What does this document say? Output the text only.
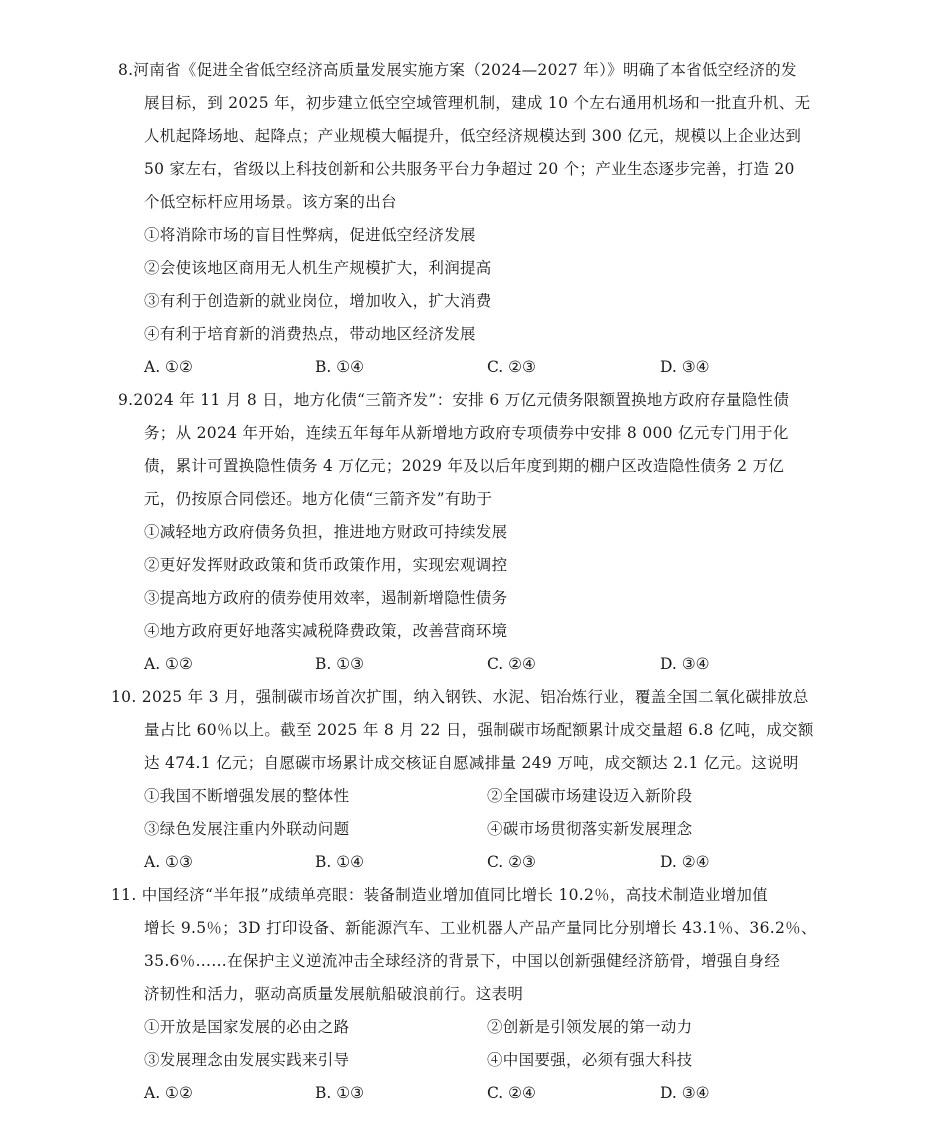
8.河南省《促进全省低空经济高质量发展实施方案（2024—2027 年）》明确了本省低空经济的发
展目标，到 2025 年，初步建立低空空域管理机制，建成 10 个左右通用机场和一批直升机、无
人机起降场地、起降点；产业规模大幅提升，低空经济规模达到 300 亿元，规模以上企业达到
50 家左右，省级以上科技创新和公共服务平台力争超过 20 个；产业生态逐步完善，打造 20
个低空标杆应用场景。该方案的出台
①将消除市场的盲目性弊病，促进低空经济发展
②会使该地区商用无人机生产规模扩大，利润提高
③有利于创造新的就业岗位，增加收入，扩大消费
④有利于培育新的消费热点，带动地区经济发展
A. ①②	B. ①④	C. ②③	D. ③④
9.2024 年 11 月 8 日，地方化债“三箭齐发”：安排 6 万亿元债务限额置换地方政府存量隐性债
务；从 2024 年开始，连续五年每年从新增地方政府专项债券中安排 8 000 亿元专门用于化
债，累计可置换隐性债务 4 万亿元；2029 年及以后年度到期的棚户区改造隐性债务 2 万亿
元，仍按原合同偿还。地方化债“三箭齐发”有助于
①减轻地方政府债务负担，推进地方财政可持续发展
②更好发挥财政政策和货币政策作用，实现宏观调控
③提高地方政府的债券使用效率，遏制新增隐性债务
④地方政府更好地落实减税降费政策，改善营商环境
A. ①②	B. ①③	C. ②④	D. ③④
10. 2025 年 3 月，强制碳市场首次扩围，纳入钢铁、水泥、铝冶炼行业，覆盖全国二氧化碳排放总
量占比 60％以上。截至 2025 年 8 月 22 日，强制碳市场配额累计成交量超 6.8 亿吨，成交额
达 474.1 亿元；自愿碳市场累计成交核证自愿减排量 249 万吨，成交额达 2.1 亿元。这说明
①我国不断增强发展的整体性	②全国碳市场建设迈入新阶段
③绿色发展注重内外联动问题	④碳市场贯彻落实新发展理念
A. ①③	B. ①④	C. ②③	D. ②④
11. 中国经济“半年报”成绩单亮眼：装备制造业增加值同比增长 10.2％，高技术制造业增加值
增长 9.5％；3D 打印设备、新能源汽车、工业机器人产品产量同比分别增长 43.1％、36.2％、
35.6％……在保护主义逆流冲击全球经济的背景下，中国以创新强健经济筋骨，增强自身经
济韧性和活力，驱动高质量发展航船破浪前行。这表明
①开放是国家发展的必由之路	②创新是引领发展的第一动力
③发展理念由发展实践来引导	④中国要强，必须有强大科技
A. ①②	B. ①③	C. ②④	D. ③④
